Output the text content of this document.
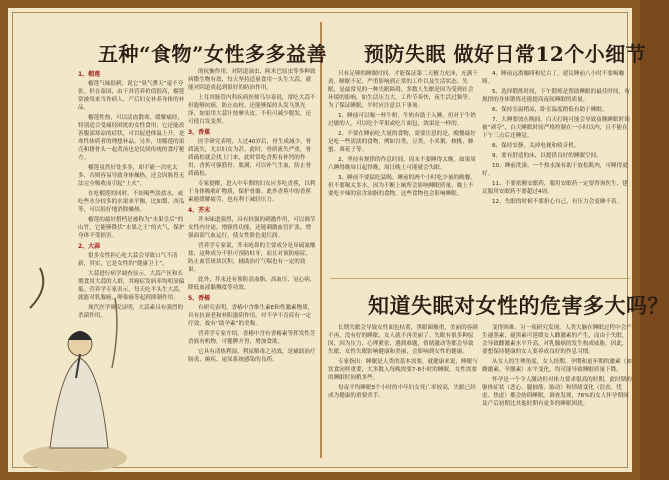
五种“食物”女性多多益善 预防失眠 做好日常12个小细节
知道失眠对女性的危害多大吗？
1、榴莲

榴莲气味很刺，说它“臭气熏天”毫不夸张。但在泰国，由于其营养价值很高，榴莲常被用来当作病人、产后妇女补养身体的补品。

榴莲性热，可以活血散寒，缓解痛经，特别适合受痛经困扰的女性食用；它还能改善腹部寒凉的症状，可以促进体温上升，是寒性体质者的理想补品。另外，用榴莲的果壳和猪骨头一起煮汤也是民间传统的食疗秘方。

榴莲虽然好处多多，却不能一次吃太多，否则容易导致身体燥热，还会因肠胃无法完全吸收而引起“上火”。

在吃榴莲的同时，不妨喝些淡盐水，或吃些水分较多的水果来平衡，比如梨、西瓜等，可以很好地消除燥热。

榴莲的最好搭档是被称为“水果皇后”的山竹，它能够降伏“水果之王”的火气，保护身体不受损害。

2、大蒜

很多女性担心吃大蒜会导致口气不清新，其实，它是女性的“健康卫士”。

大蒜进行病学调查显示，大蒜产区和长期食用大蒜的人群，其癌症发病率均明显偏低。营养学专家表示，每天吃半头生大蒜，就能对乳腺癌、卵巢癌等起到抑制作用。

现代医学研究证明，大蒜素具有强烈的杀菌作用。

的抗衡作用，对阴道滴虫、阿米巴原虫等多种致病微生物有效，每天坚持适量食用一头生大蒜，就能对阴道炎起到很好的防治作用。

土耳其脉管内科疾病医师乌尔泰说，常吃大蒜不但能够抗癌、防止血栓，还能够保持头发乌黑光泽，如果用大蒜汁按摩头皮，不但可减少脱发，还可使白发变黑。

3、香蕉

医学研究表明，人过40岁后，骨生成减少，骨质流失，尤以妇女为甚。此时，骨质流失严重，骨质疏松就会找上门来，此时常吃香蕉有补钙的作用，香蕉可强筋骨、胀满，可以补气生血，防止骨质疏松。

专家提醒，进入中年期的妇女应多吃香蕉，以利于身体吸收矿物质，保护骨骼。此外香蕉中的香蕉素能缓解疲劳，也有利于减轻压力。

4、芥末

芥末味道强烈，具有较强的刺激作用，可以调节女性内分泌，增强性功能，还能刺激血管扩张，增强面部气血运行，使女性脸色更红润。

营养学专家说，芥末呛鼻的主要成分是异硫氰酸盐，这种成分不但可预防蛀牙，而且对预防癌症、防止血管斑块沉积、辅助治疗气喘也有一定的效果。

此外，芥末还有预防高血脂、高血压、冠心病，降低血液黏稠度等功效。

5、香椿

有研究表明，香椿中含维生素E和性激素物质，具有抗衰老和补阳滋阴作用，对不孕不育症有一定疗效，故有“助孕素”的美称。

营养学专家介绍，香椿中含有香椿素等挥发性芳香族有机物，可健脾开胃，增加食欲。

它具有清热利湿、利尿解毒之功效，是辅助治疗肠炎、痢疾、泌尿系统感染的良药。

只有足够的睡眠时间，才能保证第二天精力充沛，充满干劲，睡眠不足，严重影响到正常的工作以及生活状态。失眠，是最常见的一种失眠障碍，多数人失眠是因为受到社会环境的影响，如生活压力大，工作节奏快，夜生活过频等。为了保证睡眠，平时应注意以下事项：

1、睡前可以喝一杯牛奶，牛奶有助于入睡，但对于牛奶过敏的人，可以吃个苹果或吃片面包，效果是一样的。

2、不要在睡前吃大量的食物，需要注意的是，晚餐最好是吃一些清淡的食物，例如谷类、豆类、小米粥、核桃、蜂蜜、葵花子等。

2、坚持有规律的作息时间，周末不要睡得太晚，如果周六睡得晚周日起得晚，周日晚上可能就会失眠。

3、睡前不要猛吃猛喝，睡前的两个小时吃少量的晚餐，但不要喝太多水，因为不断上厕所会影响睡眠质量，晚上不要吃辛辣的富含油脂的食物，这些食物也会影响睡眠。

4、睡前远离咖啡和尼古丁，建议睡前八小时不要喝咖啡。

5、选择锻炼时间，下午锻炼是帮助睡眠的最佳时间，有规律的身体锻炼还能提高夜间睡眠的质量。

6、保持室温稍凉，卧室温度稍低有助于睡眠。

7、大睡要放在晚间，白天打盹可能会导致夜晚睡眠时间被“剥夺”，白天睡眠时间严格控制在一小时以内，且不能在下午三点后还睡觉。

8、保持安静，关掉电视和收音机。

9、要有舒适的床，以提供良好的睡眠空间。

10、睡前洗澡，一个热水澡有助于放松肌肉，可睡得更好。

11、不要依赖安眠药，服用安眠药一定要咨询医生，建议服用安眠药不要超过4周。

12、失眠的时候不要担心自己，有压力会更睡不着。

长期失眠会导致女性面色枯黄，黑眼圈极重，美丽的容颜不再，没有好的睡眠，女人就不再美丽了。失眠有很多种原因，因为压力、心理紧张、遇到难题，情绪激动等都会导致失眠，女性失眠影响健康和美丽，会影响到女性的健康。

专家指出：睡眠是人类的基本需要，就健康来说，睡眠与饮食同样重要，大多数人每晚需要7-8小时的睡眠，女性需要的睡眠时间稍多些。

每夜平均睡眠5个小时的中年妇女死亡率较高，失眠已经成为健康的重要杀手。

变得困难。另一项研究发现，人类大脑在睡眠过程中会产生褪黑素，褪黑素可延缓女人雌激素的产生，而由于失眠，会导致雌激素水平升高，对乳腺癌的发生构成威胁。因此，要想保持健康的女人要养成良好的作息习惯。

从女人的生理角度，女人经期、孕期和更年期的激素（如雌激素、孕激素）水平变化，均可能导致睡眠质量下降。

怀孕是一个令人激动但对体力要求很高的时期，此时期的躯体症状（恶心、腿抽筋、胎动）和情绪变化（沮丧、忧虑、焦虑）都会妨碍睡眠。调查发现，78%的女人怀孕期间及产后初期比其他时期有更多的睡眠困扰。
